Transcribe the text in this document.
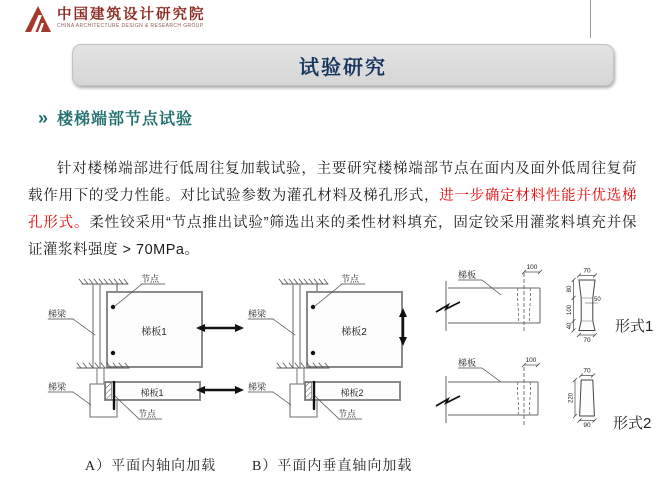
中国建筑设计研究院
CHINA ARCHITECTURE DESIGN & RESEARCH GROUP
试验研究
» 楼梯端部节点试验

针对楼梯端部进行低周往复加载试验，主要研究楼梯端部节点在面内及面外低周往复荷载作用下的受力性能。对比试验参数为灌孔材料及梯孔形式，进一步确定材料性能并优选梯孔形式。柔性铰采用“节点推出试验”筛选出来的柔性材料填充，固定铰采用灌浆料填充并保证灌浆料强度 > 70MPa。

梯板1
节点
梯梁
梯板2
节点
梯梁
梯板1
节点
梯梁
梯板2
节点
梯梁
梯板
100	70
50
80
100
40
70
形式1
梯板	100
70
220
90 形式2
A）平面内轴向加载	B）平面内垂直轴向加载
